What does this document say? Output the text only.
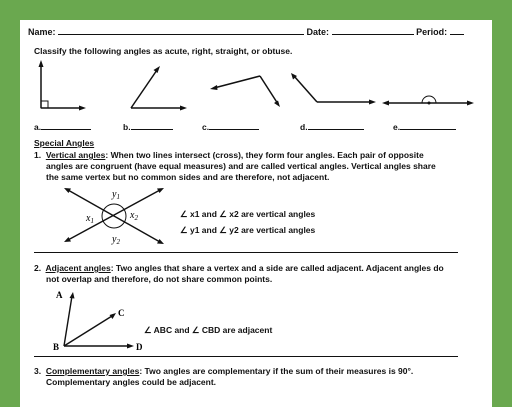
Name:	Date:	Period:
Classify the following angles as acute, right, straight, or obtuse.
a.	b.	c.	d.	e.
Special Angles
1. Vertical angles: When two lines intersect (cross), they form four angles. Each pair of opposite
angles are congruent (have equal measures) and are called vertical angles. Vertical angles share
the same vertex but no common sides and are therefore, not adjacent.
$y_1$
$x_1$	$x_2$
$y_2$
∠ x1 and ∠ x2 are vertical angles
∠ y1 and ∠ y2 are vertical angles
2. Adjacent angles: Two angles that share a vertex and a side are called adjacent. Adjacent angles do
not overlap and therefore, do not share common points.
A
B
C
D
∠ ABC and ∠ CBD are adjacent
3. Complementary angles: Two angles are complementary if the sum of their measures is 90°.
Complementary angles could be adjacent.
